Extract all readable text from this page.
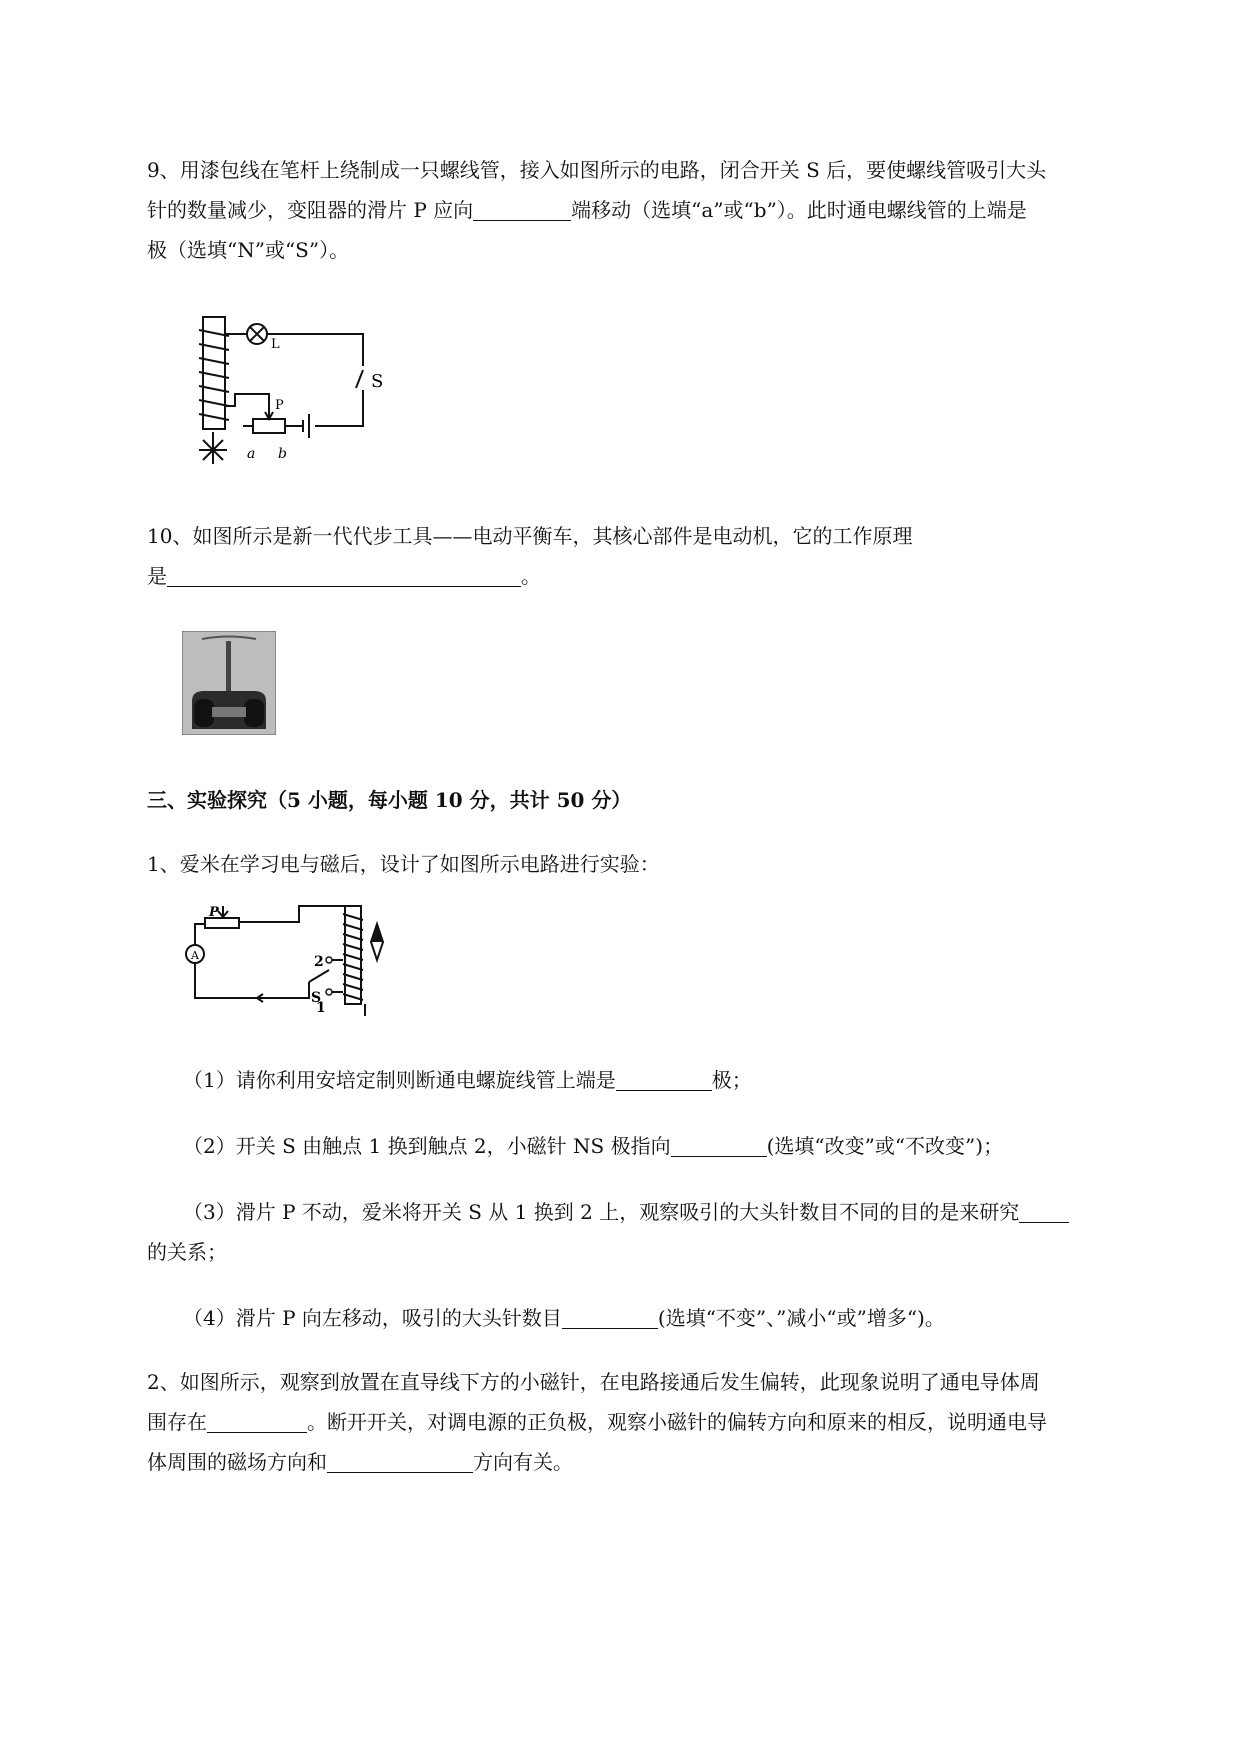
9、用漆包线在笔杆上绕制成一只螺线管，接入如图所示的电路，闭合开关 S 后，要使螺线管吸引大头
针的数量减少，变阻器的滑片 P 应向	端移动（选填“a”或“b”）。此时通电螺线管的上端是
极（选填“N”或“S”）。
L
S
P
a b
10、如图所示是新一代代步工具——电动平衡车，其核心部件是电动机，它的工作原理
是	。
三、实验探究（5 小题，每小题 10 分，共计 50 分）
1、爱米在学习电与磁后，设计了如图所示电路进行实验：
P
A
S
2
1
（1）请你利用安培定制则断通电螺旋线管上端是	极；
（2）开关 S 由触点 1 换到触点 2，小磁针 NS 极指向	(选填“改变”或“不改变”)；
（3）滑片 P 不动，爱米将开关 S 从 1 换到 2 上，观察吸引的大头针数目不同的目的是来研究
的关系；
（4）滑片 P 向左移动，吸引的大头针数目	(选填“不变”、”减小“或”增多“)。
2、如图所示，观察到放置在直导线下方的小磁针，在电路接通后发生偏转，此现象说明了通电导体周
围存在	。断开开关，对调电源的正负极，观察小磁针的偏转方向和原来的相反，说明通电导
体周围的磁场方向和	方向有关。
